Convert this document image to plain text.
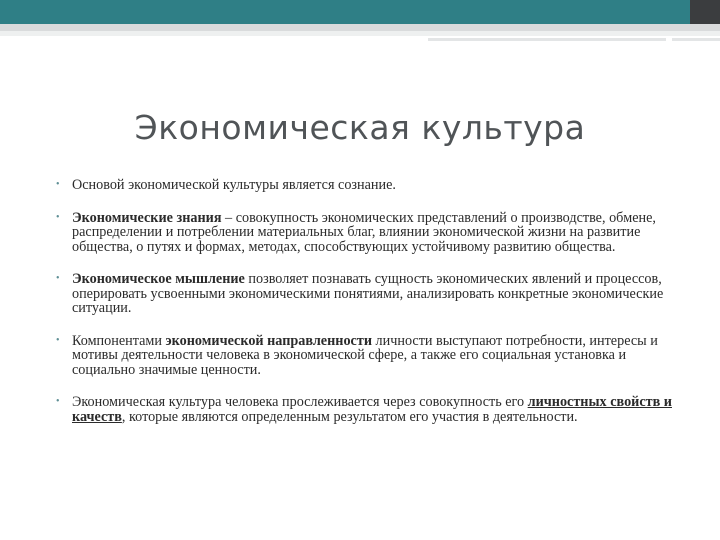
Экономическая культура
• Основой экономической культуры является сознание.
• Экономические знания – совокупность экономических представлений о производстве, обмене, распределении и потреблении материальных благ, влиянии экономической жизни на развитие общества, о путях и формах, методах, способствующих устойчивому развитию общества.
• Экономическое мышление позволяет познавать сущность экономических явлений и процессов, оперировать усвоенными экономическими понятиями, анализировать конкретные экономические ситуации.
• Компонентами экономической направленности личности выступают потребности, интересы и мотивы деятельности человека в экономической сфере, а также его социальная установка и социально значимые ценности.
• Экономическая культура человека прослеживается через совокупность его личностных свойств и качеств, которые являются определенным результатом его участия в деятельности.
